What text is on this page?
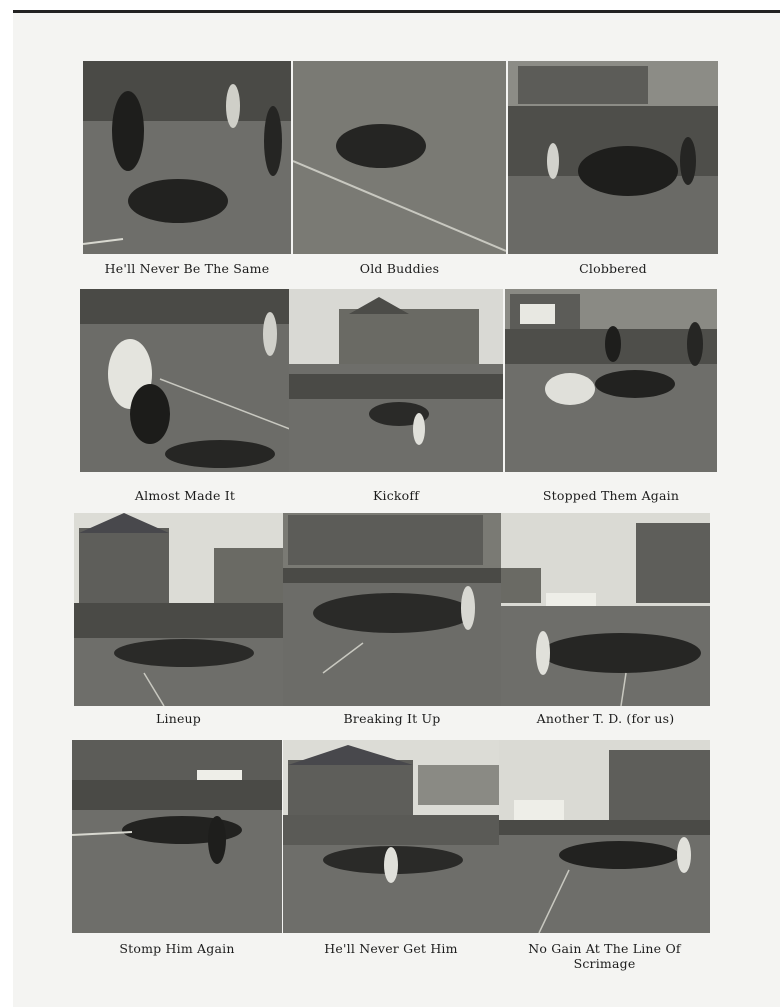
He'll Never Be The Same	Old Buddies	Clobbered
Almost Made It	Kickoff	Stopped Them Again
Lineup	Breaking It Up	Another T. D. (for us)
Stomp Him Again	He'll Never Get Him	No Gain At The Line Of Scrimage
